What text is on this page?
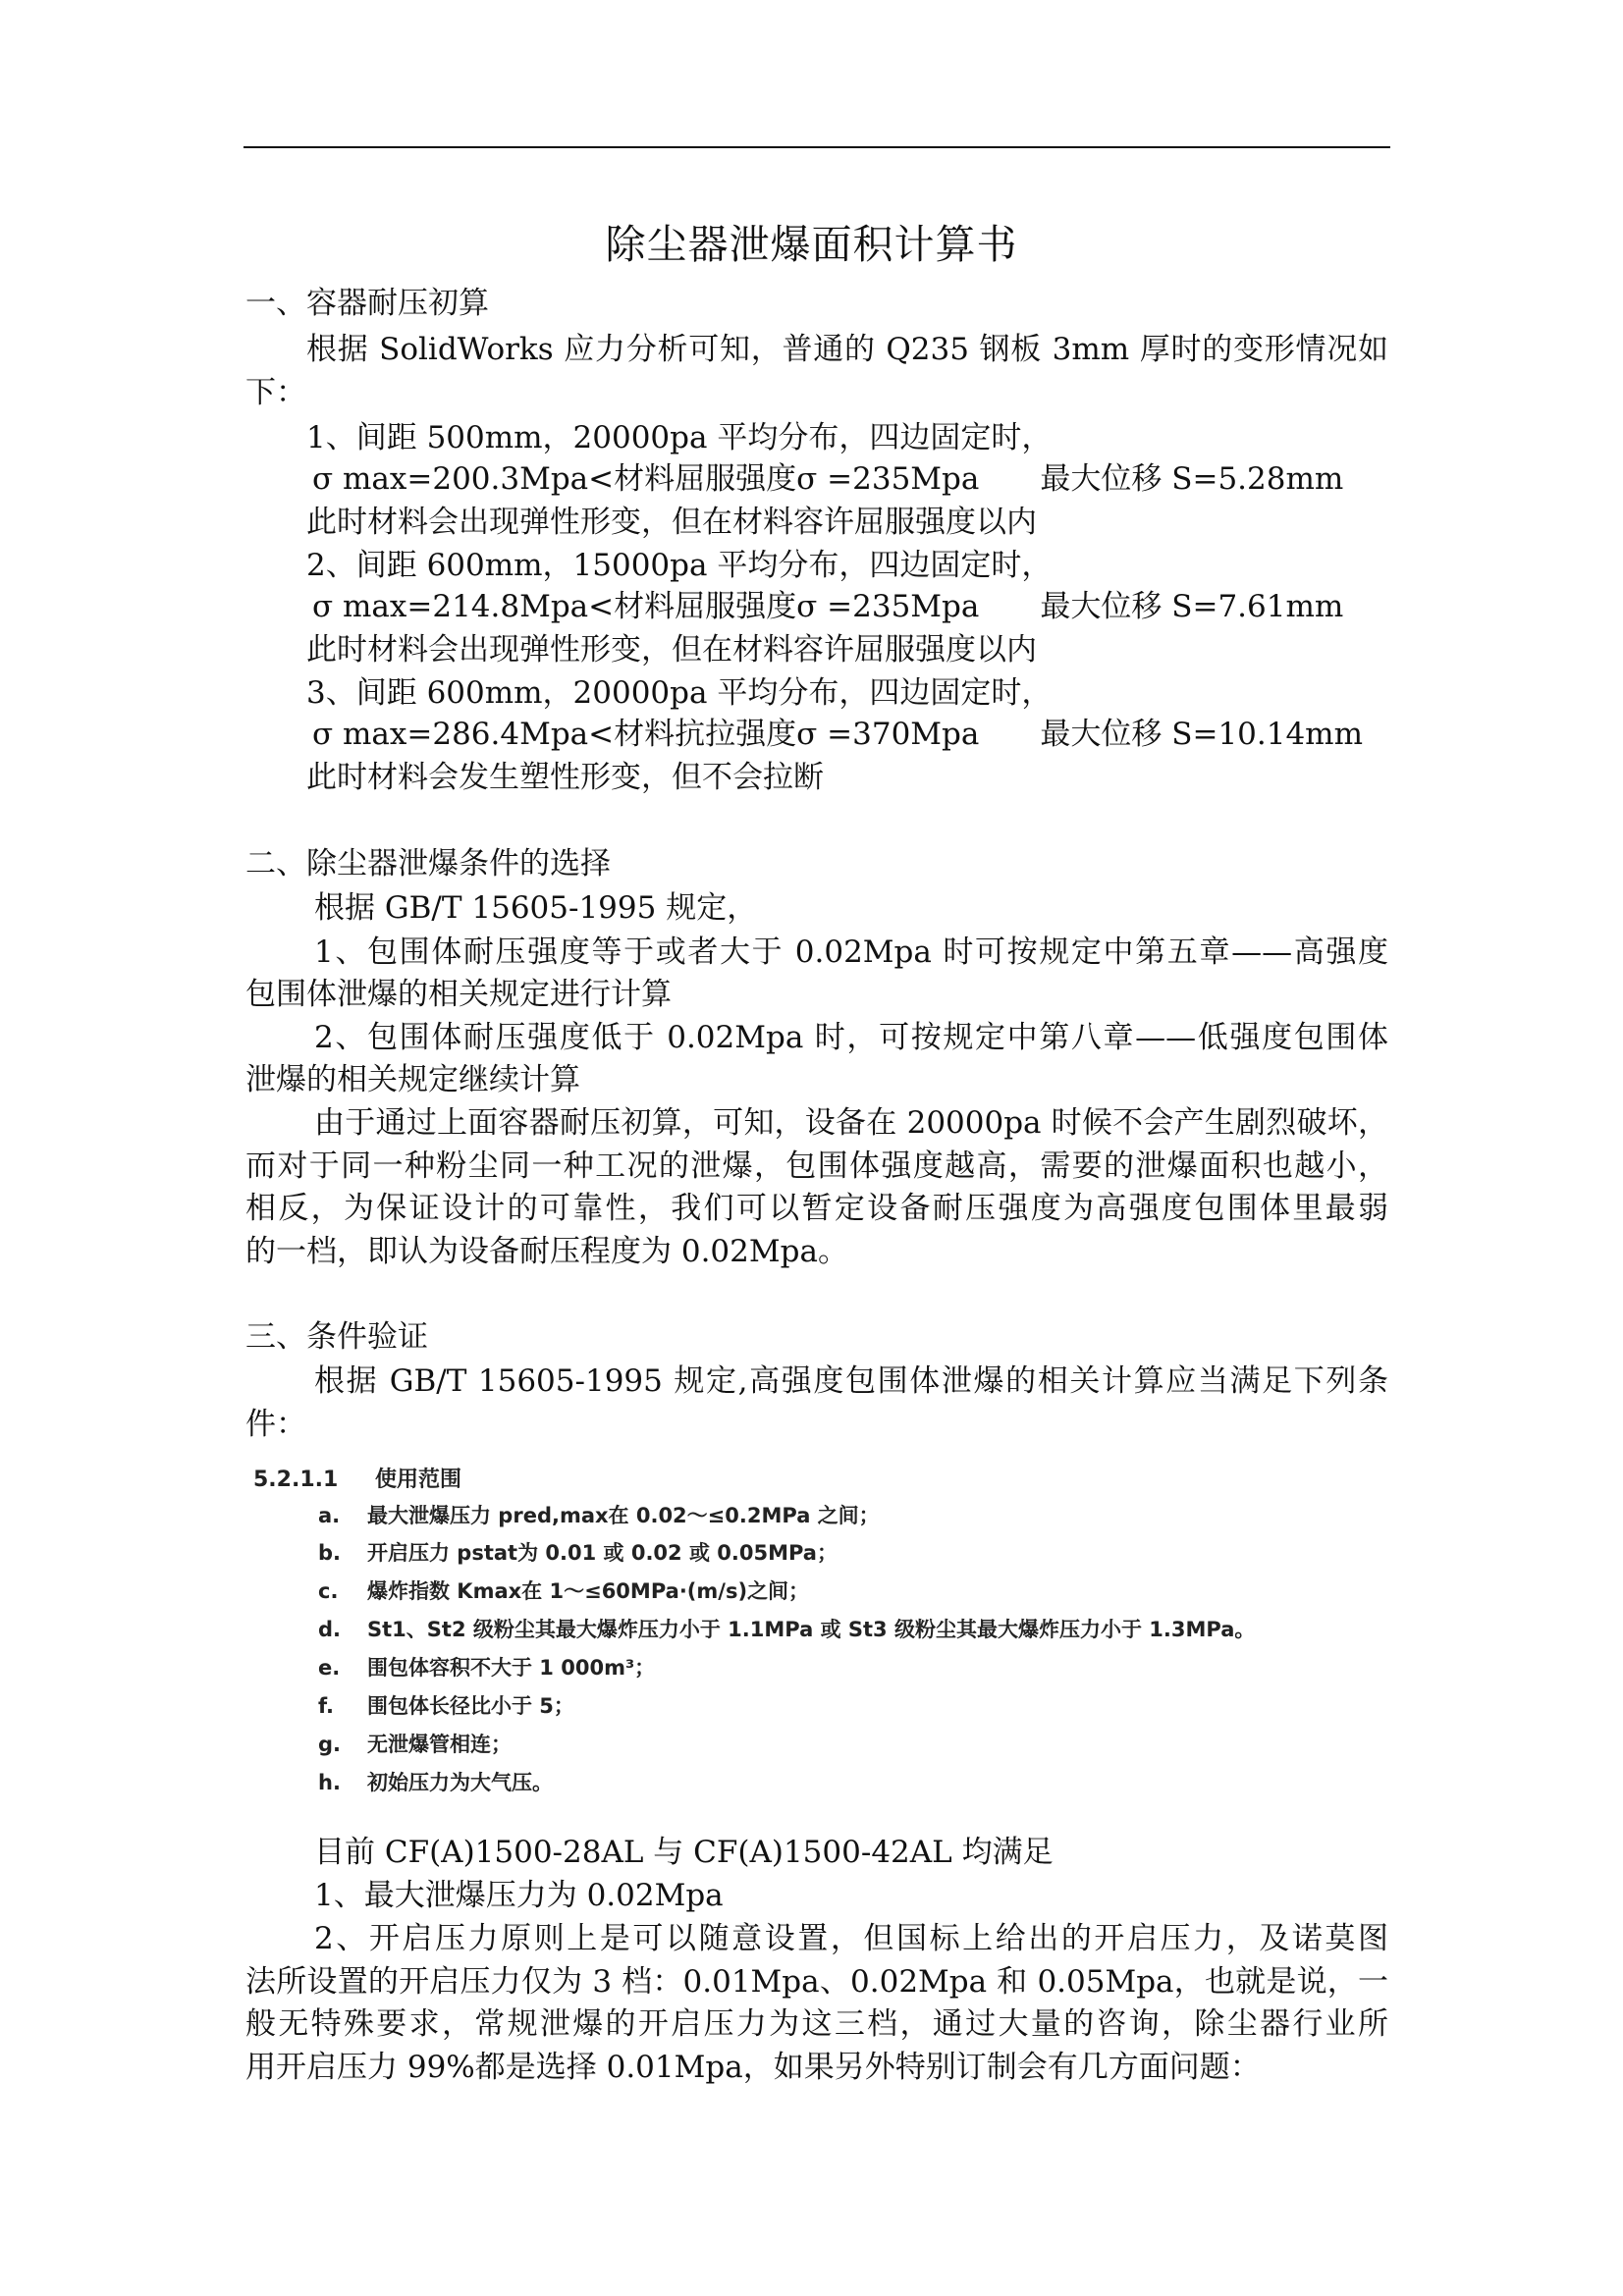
除尘器泄爆面积计算书
一、容器耐压初算
根据 SolidWorks 应力分析可知，普通的 Q235 钢板 3mm 厚时的变形情况如
下：
1、间距 500mm，20000pa 平均分布，四边固定时，
σ max=200.3Mpa<材料屈服强度σ =235Mpa 最大位移 S=5.28mm
此时材料会出现弹性形变，但在材料容许屈服强度以内
2、间距 600mm，15000pa 平均分布，四边固定时，
σ max=214.8Mpa<材料屈服强度σ =235Mpa 最大位移 S=7.61mm
此时材料会出现弹性形变，但在材料容许屈服强度以内
3、间距 600mm，20000pa 平均分布，四边固定时，
σ max=286.4Mpa<材料抗拉强度σ =370Mpa 最大位移 S=10.14mm
此时材料会发生塑性形变，但不会拉断
二、除尘器泄爆条件的选择
根据 GB/T 15605-1995 规定，
1、包围体耐压强度等于或者大于 0.02Mpa 时可按规定中第五章——高强度
包围体泄爆的相关规定进行计算
2、包围体耐压强度低于 0.02Mpa 时，可按规定中第八章——低强度包围体
泄爆的相关规定继续计算
由于通过上面容器耐压初算，可知，设备在 20000pa 时候不会产生剧烈破坏，
而对于同一种粉尘同一种工况的泄爆，包围体强度越高，需要的泄爆面积也越小，
相反，为保证设计的可靠性，我们可以暂定设备耐压强度为高强度包围体里最弱
的一档，即认为设备耐压程度为 0.02Mpa。
三、条件验证
根据 GB/T 15605-1995 规定,高强度包围体泄爆的相关计算应当满足下列条
件：
5.2.1.1 使用范围
a. 最大泄爆压力 pred,max在 0.02～≤0.2MPa 之间；
b. 开启压力 pstat为 0.01 或 0.02 或 0.05MPa；
c. 爆炸指数 Kmax在 1～≤60MPa·(m/s)之间；
d. St1、St2 级粉尘其最大爆炸压力小于 1.1MPa 或 St3 级粉尘其最大爆炸压力小于 1.3MPa。
e. 围包体容积不大于 1 000m³；
f. 围包体长径比小于 5；
g. 无泄爆管相连；
h. 初始压力为大气压。
目前 CF(A)1500-28AL 与 CF(A)1500-42AL 均满足
1、最大泄爆压力为 0.02Mpa
2、开启压力原则上是可以随意设置，但国标上给出的开启压力，及诺莫图
法所设置的开启压力仅为 3 档：0.01Mpa、0.02Mpa 和 0.05Mpa，也就是说，一
般无特殊要求，常规泄爆的开启压力为这三档，通过大量的咨询，除尘器行业所
用开启压力 99%都是选择 0.01Mpa，如果另外特别订制会有几方面问题：
